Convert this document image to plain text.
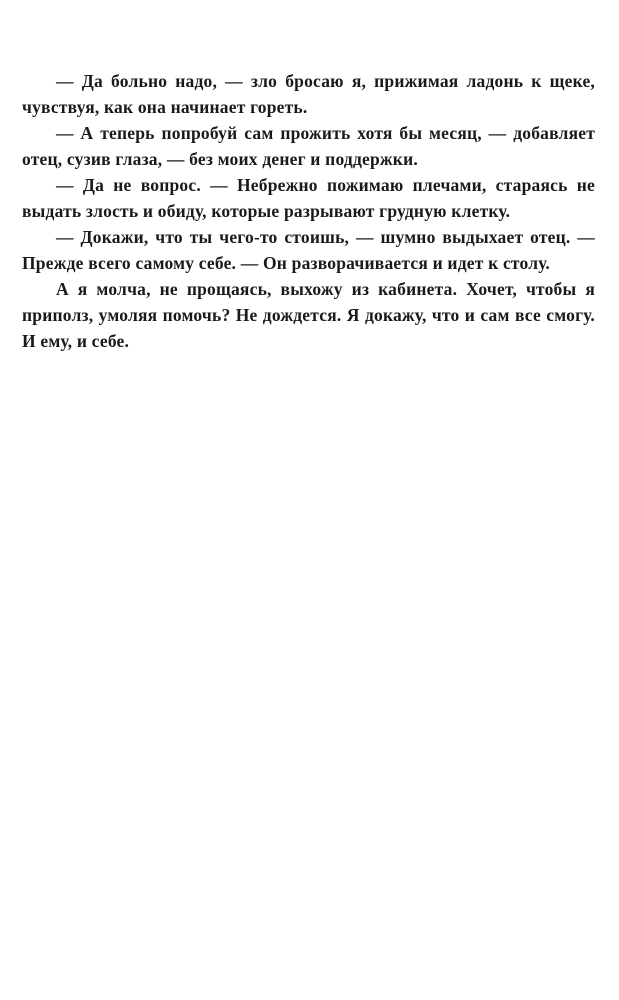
— Да больно надо, — зло бросаю я, прижимая ладонь к щеке, чувствуя, как она начинает гореть.

— А теперь попробуй сам прожить хотя бы месяц, — добавляет отец, сузив глаза, — без моих денег и поддержки.

— Да не вопрос. — Небрежно пожимаю плечами, стараясь не выдать злость и обиду, которые разрывают грудную клетку.

— Докажи, что ты чего-то стоишь, — шумно выдыхает отец. — Прежде всего самому себе. — Он разворачивается и идет к столу.

А я молча, не прощаясь, выхожу из кабинета. Хочет, чтобы я приполз, умоляя помочь? Не дождется. Я докажу, что и сам все смогу. И ему, и себе.
